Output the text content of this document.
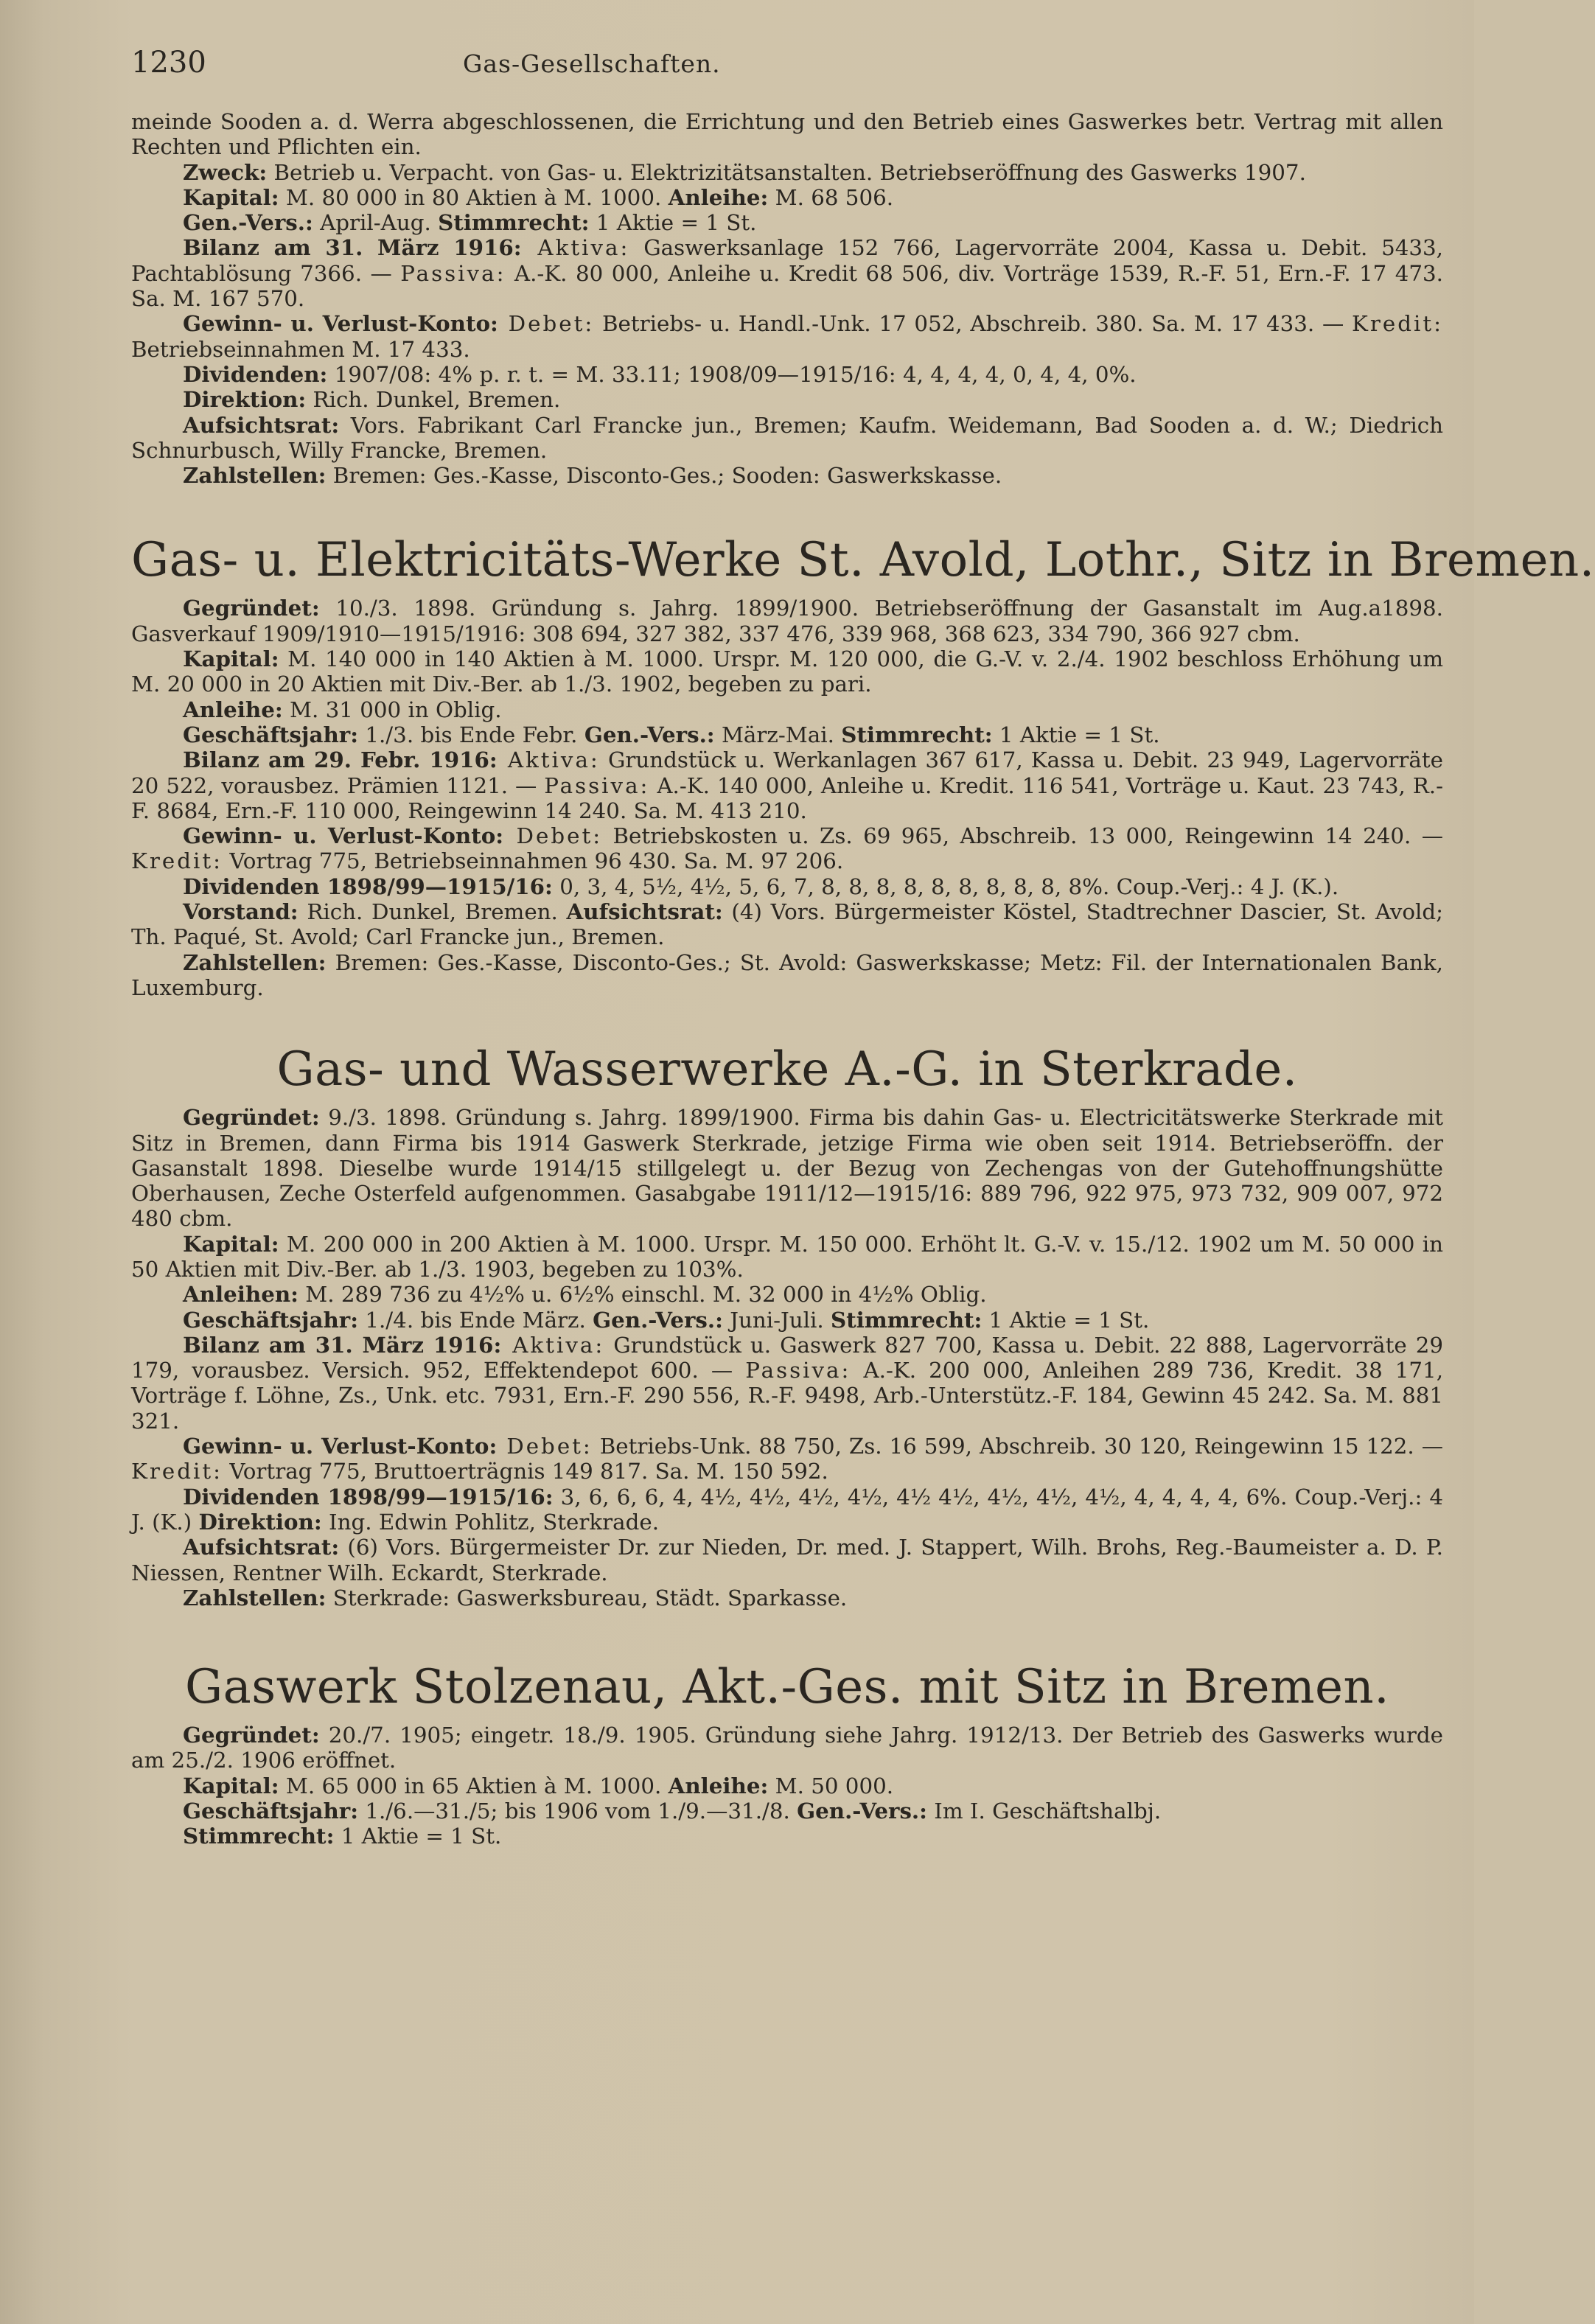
1230	Gas-Gesellschaften.

meinde Sooden a. d. Werra abgeschlossenen, die Errichtung und den Betrieb eines Gaswerkes betr. Vertrag mit allen Rechten und Pflichten ein.

Zweck: Betrieb u. Verpacht. von Gas- u. Elektrizitätsanstalten. Betriebseröffnung des Gaswerks 1907.

Kapital: M. 80 000 in 80 Aktien à M. 1000. Anleihe: M. 68 506.

Gen.-Vers.: April-Aug. Stimmrecht: 1 Aktie = 1 St.

Bilanz am 31. März 1916: Aktiva: Gaswerksanlage 152 766, Lagervorräte 2004, Kassa u. Debit. 5433, Pachtablösung 7366. — Passiva: A.-K. 80 000, Anleihe u. Kredit 68 506, div. Vorträge 1539, R.-F. 51, Ern.-F. 17 473. Sa. M. 167 570.

Gewinn- u. Verlust-Konto: Debet: Betriebs- u. Handl.-Unk. 17 052, Abschreib. 380. Sa. M. 17 433. — Kredit: Betriebseinnahmen M. 17 433.

Dividenden: 1907/08: 4% p. r. t. = M. 33.11; 1908/09—1915/16: 4, 4, 4, 4, 0, 4, 4, 0%.

Direktion: Rich. Dunkel, Bremen.

Aufsichtsrat: Vors. Fabrikant Carl Francke jun., Bremen; Kaufm. Weidemann, Bad Sooden a. d. W.; Diedrich Schnurbusch, Willy Francke, Bremen.

Zahlstellen: Bremen: Ges.-Kasse, Disconto-Ges.; Sooden: Gaswerkskasse.

Gas- u. Elektricitäts-Werke St. Avold, Lothr., Sitz in Bremen.

Gegründet: 10./3. 1898. Gründung s. Jahrg. 1899/1900. Betriebseröffnung der Gasanstalt im Aug.a1898. Gasverkauf 1909/1910—1915/1916: 308 694, 327 382, 337 476, 339 968, 368 623, 334 790, 366 927 cbm.

Kapital: M. 140 000 in 140 Aktien à M. 1000. Urspr. M. 120 000, die G.-V. v. 2./4. 1902 beschloss Erhöhung um M. 20 000 in 20 Aktien mit Div.-Ber. ab 1./3. 1902, begeben zu pari.

Anleihe: M. 31 000 in Oblig.

Geschäftsjahr: 1./3. bis Ende Febr. Gen.-Vers.: März-Mai. Stimmrecht: 1 Aktie = 1 St.

Bilanz am 29. Febr. 1916: Aktiva: Grundstück u. Werkanlagen 367 617, Kassa u. Debit. 23 949, Lagervorräte 20 522, vorausbez. Prämien 1121. — Passiva: A.-K. 140 000, Anleihe u. Kredit. 116 541, Vorträge u. Kaut. 23 743, R.-F. 8684, Ern.-F. 110 000, Reingewinn 14 240. Sa. M. 413 210.

Gewinn- u. Verlust-Konto: Debet: Betriebskosten u. Zs. 69 965, Abschreib. 13 000, Reingewinn 14 240. — Kredit: Vortrag 775, Betriebseinnahmen 96 430. Sa. M. 97 206.

Dividenden 1898/99—1915/16: 0, 3, 4, 5½, 4½, 5, 6, 7, 8, 8, 8, 8, 8, 8, 8, 8, 8, 8%. Coup.-Verj.: 4 J. (K.).

Vorstand: Rich. Dunkel, Bremen. Aufsichtsrat: (4) Vors. Bürgermeister Köstel, Stadtrechner Dascier, St. Avold; Th. Paqué, St. Avold; Carl Francke jun., Bremen.

Zahlstellen: Bremen: Ges.-Kasse, Disconto-Ges.; St. Avold: Gaswerkskasse; Metz: Fil. der Internationalen Bank, Luxemburg.

Gas- und Wasserwerke A.-G. in Sterkrade.

Gegründet: 9./3. 1898. Gründung s. Jahrg. 1899/1900. Firma bis dahin Gas- u. Electricitätswerke Sterkrade mit Sitz in Bremen, dann Firma bis 1914 Gaswerk Sterkrade, jetzige Firma wie oben seit 1914. Betriebseröffn. der Gasanstalt 1898. Dieselbe wurde 1914/15 stillgelegt u. der Bezug von Zechengas von der Gutehoffnungshütte Oberhausen, Zeche Osterfeld aufgenommen. Gasabgabe 1911/12—1915/16: 889 796, 922 975, 973 732, 909 007, 972 480 cbm.

Kapital: M. 200 000 in 200 Aktien à M. 1000. Urspr. M. 150 000. Erhöht lt. G.-V. v. 15./12. 1902 um M. 50 000 in 50 Aktien mit Div.-Ber. ab 1./3. 1903, begeben zu 103%.

Anleihen: M. 289 736 zu 4½% u. 6½% einschl. M. 32 000 in 4½% Oblig.

Geschäftsjahr: 1./4. bis Ende März. Gen.-Vers.: Juni-Juli. Stimmrecht: 1 Aktie = 1 St.

Bilanz am 31. März 1916: Aktiva: Grundstück u. Gaswerk 827 700, Kassa u. Debit. 22 888, Lagervorräte 29 179, vorausbez. Versich. 952, Effektendepot 600. — Passiva: A.-K. 200 000, Anleihen 289 736, Kredit. 38 171, Vorträge f. Löhne, Zs., Unk. etc. 7931, Ern.-F. 290 556, R.-F. 9498, Arb.-Unterstütz.-F. 184, Gewinn 45 242. Sa. M. 881 321.

Gewinn- u. Verlust-Konto: Debet: Betriebs-Unk. 88 750, Zs. 16 599, Abschreib. 30 120, Reingewinn 15 122. — Kredit: Vortrag 775, Bruttoerträgnis 149 817. Sa. M. 150 592.

Dividenden 1898/99—1915/16: 3, 6, 6, 6, 4, 4½, 4½, 4½, 4½, 4½ 4½, 4½, 4½, 4½, 4, 4, 4, 4, 6%. Coup.-Verj.: 4 J. (K.) Direktion: Ing. Edwin Pohlitz, Sterkrade.

Aufsichtsrat: (6) Vors. Bürgermeister Dr. zur Nieden, Dr. med. J. Stappert, Wilh. Brohs, Reg.-Baumeister a. D. P. Niessen, Rentner Wilh. Eckardt, Sterkrade.

Zahlstellen: Sterkrade: Gaswerksbureau, Städt. Sparkasse.

Gaswerk Stolzenau, Akt.-Ges. mit Sitz in Bremen.

Gegründet: 20./7. 1905; eingetr. 18./9. 1905. Gründung siehe Jahrg. 1912/13. Der Betrieb des Gaswerks wurde am 25./2. 1906 eröffnet.

Kapital: M. 65 000 in 65 Aktien à M. 1000. Anleihe: M. 50 000.

Geschäftsjahr: 1./6.—31./5; bis 1906 vom 1./9.—31./8. Gen.-Vers.: Im I. Geschäftshalbj.

Stimmrecht: 1 Aktie = 1 St.
